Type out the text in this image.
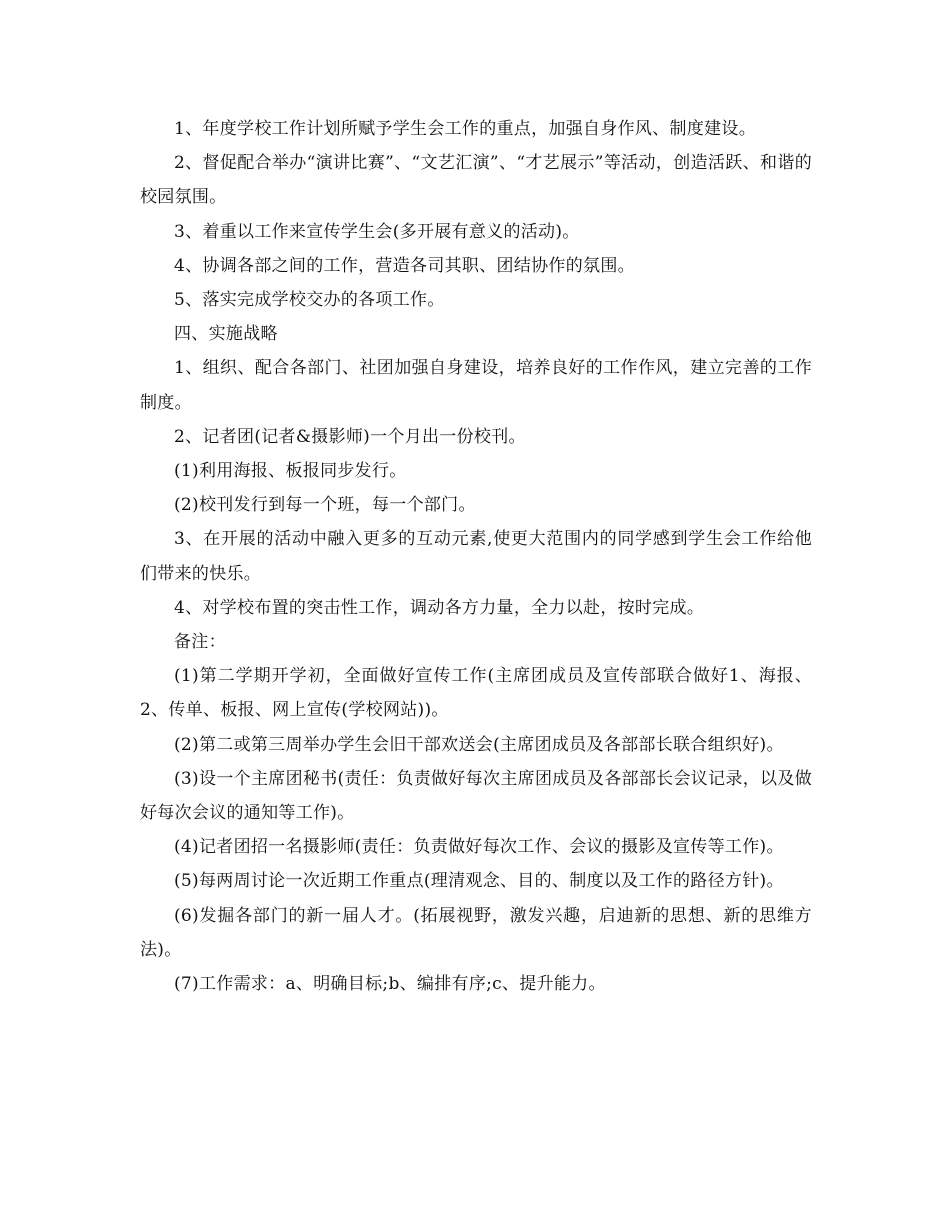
1、年度学校工作计划所赋予学生会工作的重点，加强自身作风、制度建设。

2、督促配合举办“演讲比赛”、“文艺汇演”、“才艺展示”等活动，创造活跃、和谐的校园氛围。

3、着重以工作来宣传学生会(多开展有意义的活动)。

4、协调各部之间的工作，营造各司其职、团结协作的氛围。

5、落实完成学校交办的各项工作。

四、实施战略

1、组织、配合各部门、社团加强自身建设，培养良好的工作作风，建立完善的工作制度。

2、记者团(记者&摄影师)一个月出一份校刊。

(1)利用海报、板报同步发行。

(2)校刊发行到每一个班，每一个部门。

3、在开展的活动中融入更多的互动元素,使更大范围内的同学感到学生会工作给他们带来的快乐。

4、对学校布置的突击性工作，调动各方力量，全力以赴，按时完成。

备注：

(1)第二学期开学初，全面做好宣传工作(主席团成员及宣传部联合做好1、海报、2、传单、板报、网上宣传(学校网站))。

(2)第二或第三周举办学生会旧干部欢送会(主席团成员及各部部长联合组织好)。

(3)设一个主席团秘书(责任：负责做好每次主席团成员及各部部长会议记录，以及做好每次会议的通知等工作)。

(4)记者团招一名摄影师(责任：负责做好每次工作、会议的摄影及宣传等工作)。

(5)每两周讨论一次近期工作重点(理清观念、目的、制度以及工作的路径方针)。

(6)发掘各部门的新一届人才。(拓展视野，激发兴趣，启迪新的思想、新的思维方法)。

(7)工作需求：a、明确目标;b、编排有序;c、提升能力。
